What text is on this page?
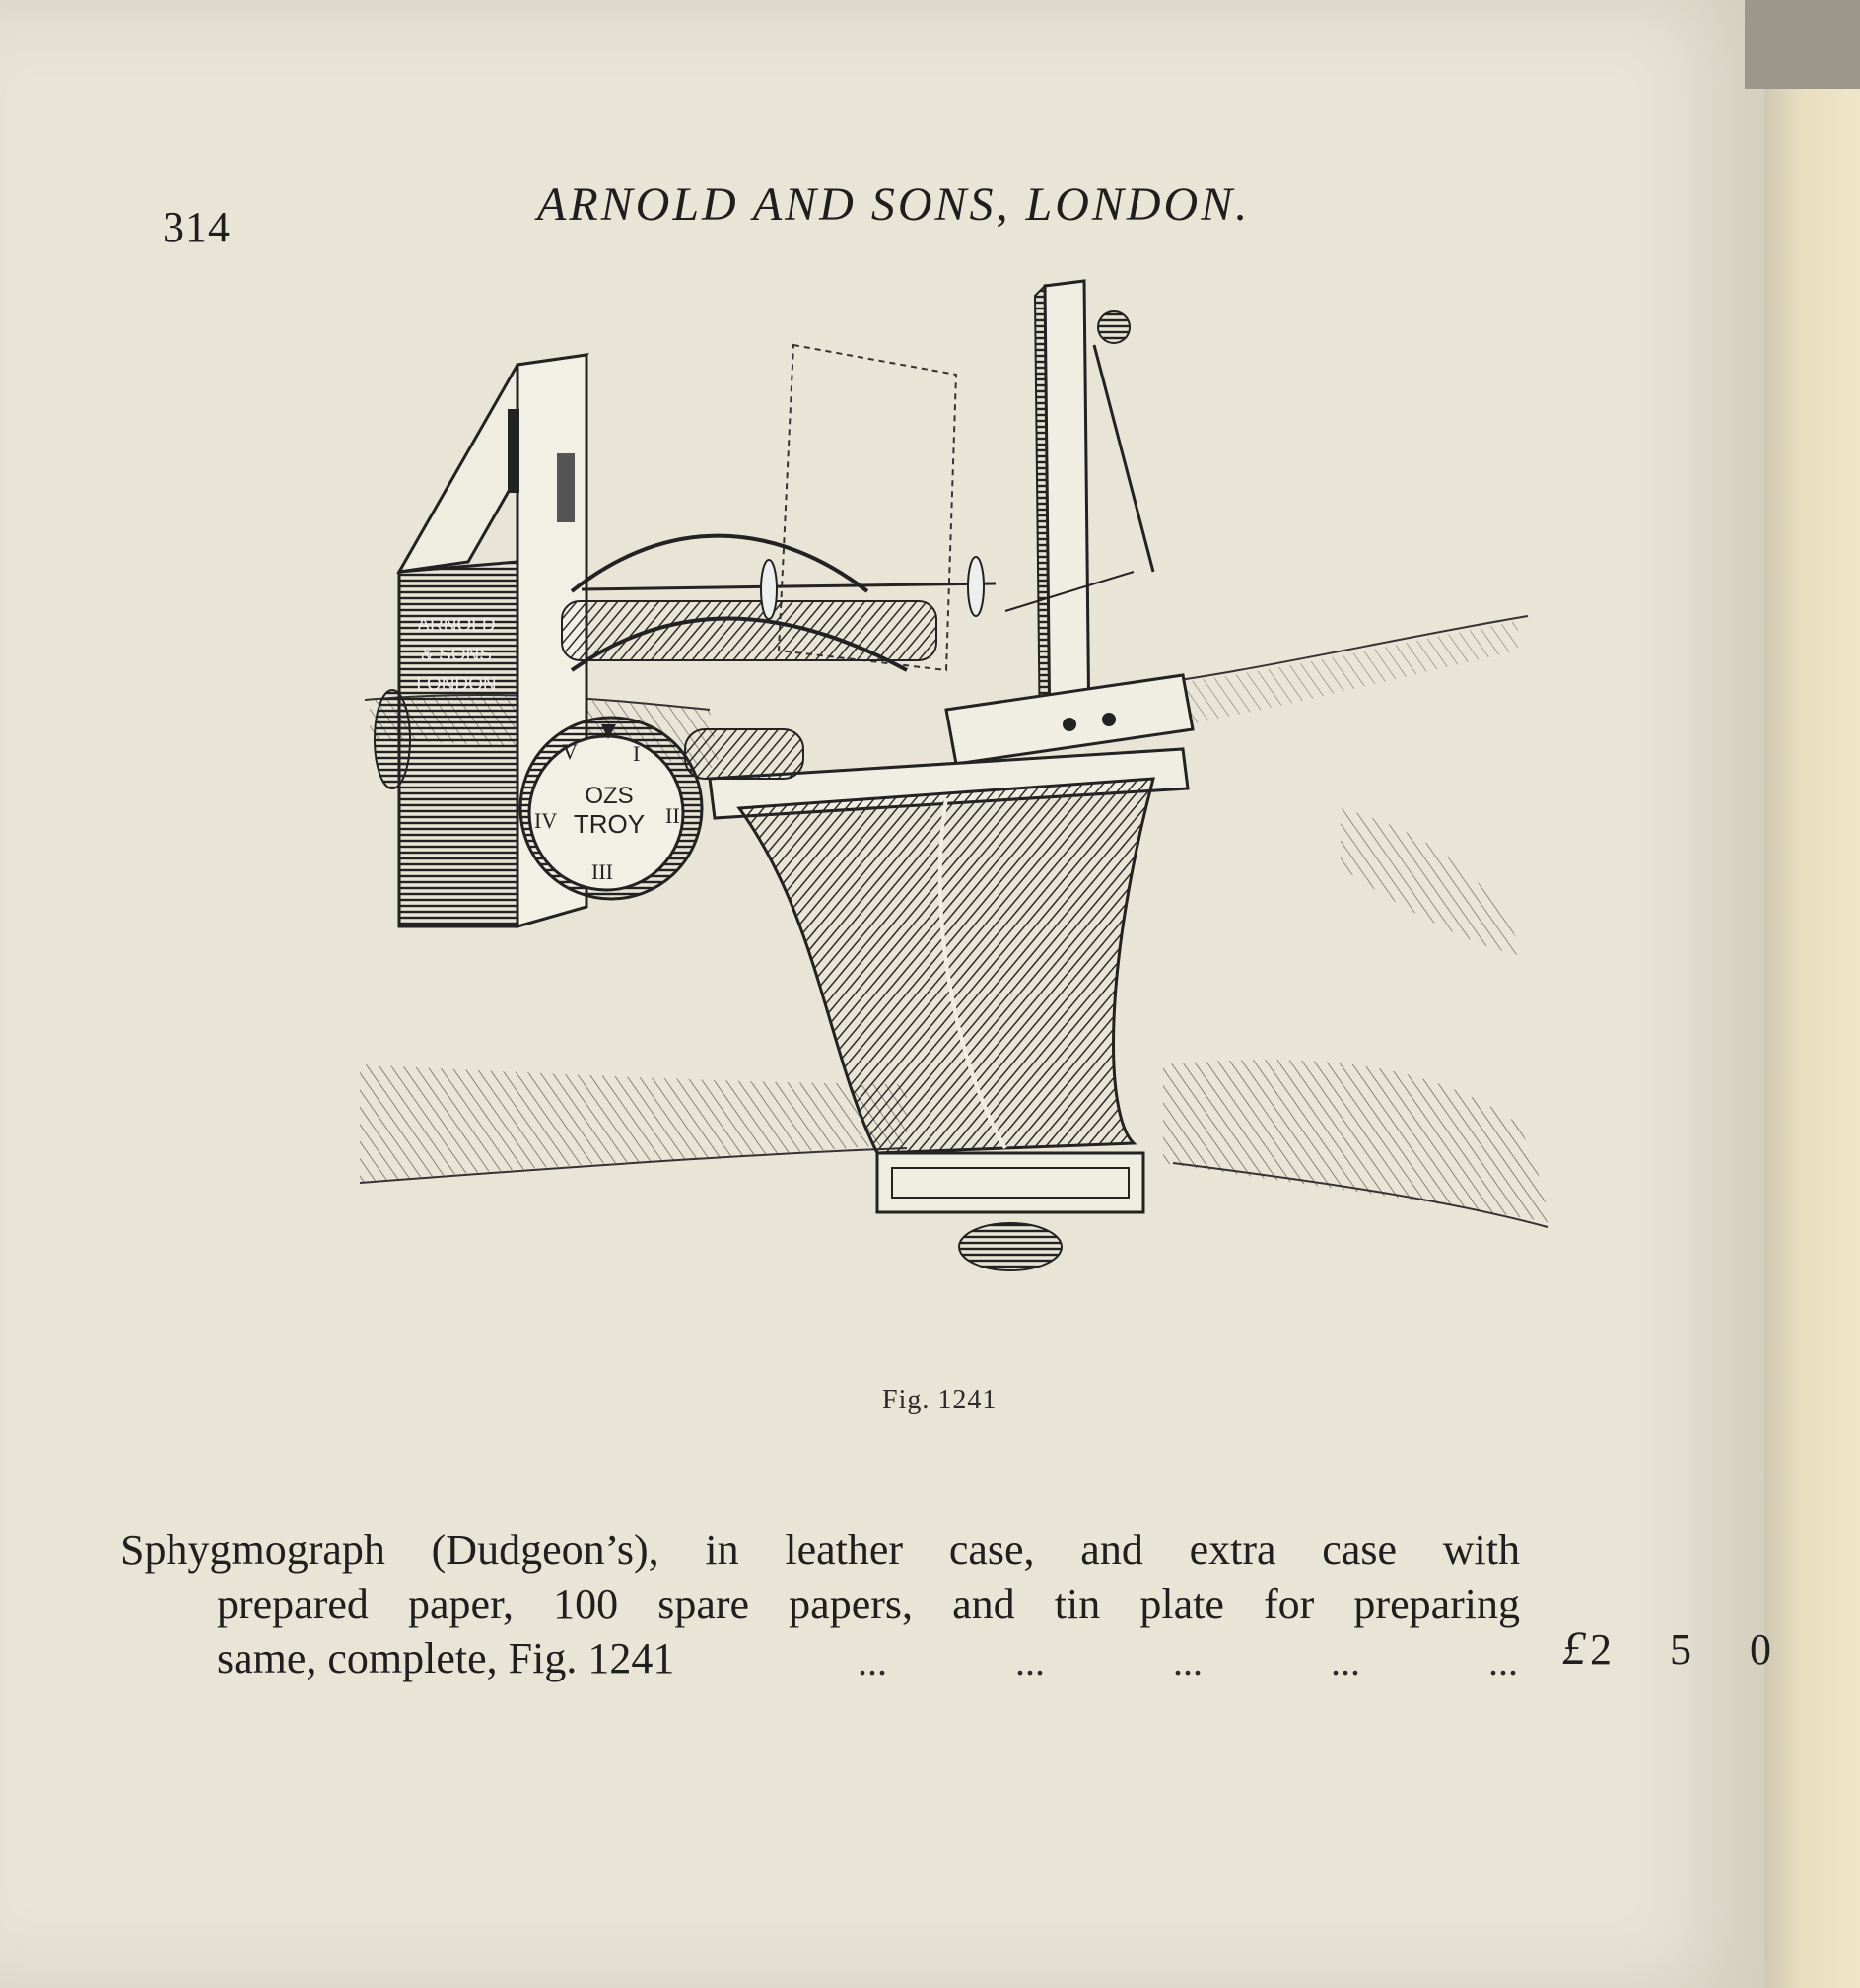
314	ARNOLD AND SONS, LONDON.
ARNOLD
& SONS
LONDON
OZS
TROY
I
II
III
IV
V
Fig. 1241
Sphygmograph (Dudgeon’s), in leather case, and extra case with
prepared paper, 100 spare papers, and tin plate for preparing
same, complete, Fig. 1241	...	...	...	...	... £2 5 0
